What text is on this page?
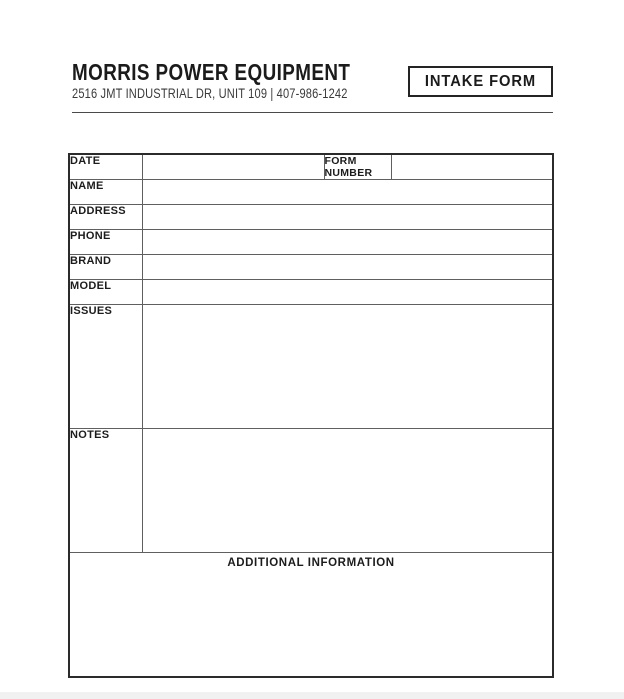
MORRIS POWER EQUIPMENT
2516 JMT INDUSTRIAL DR, UNIT 109 | 407-986-1242
INTAKE FORM
DATE		FORM NUMBER	
NAME			
ADDRESS			
PHONE			
BRAND			
MODEL			
ISSUES			
NOTES			
ADDITIONAL INFORMATION			
